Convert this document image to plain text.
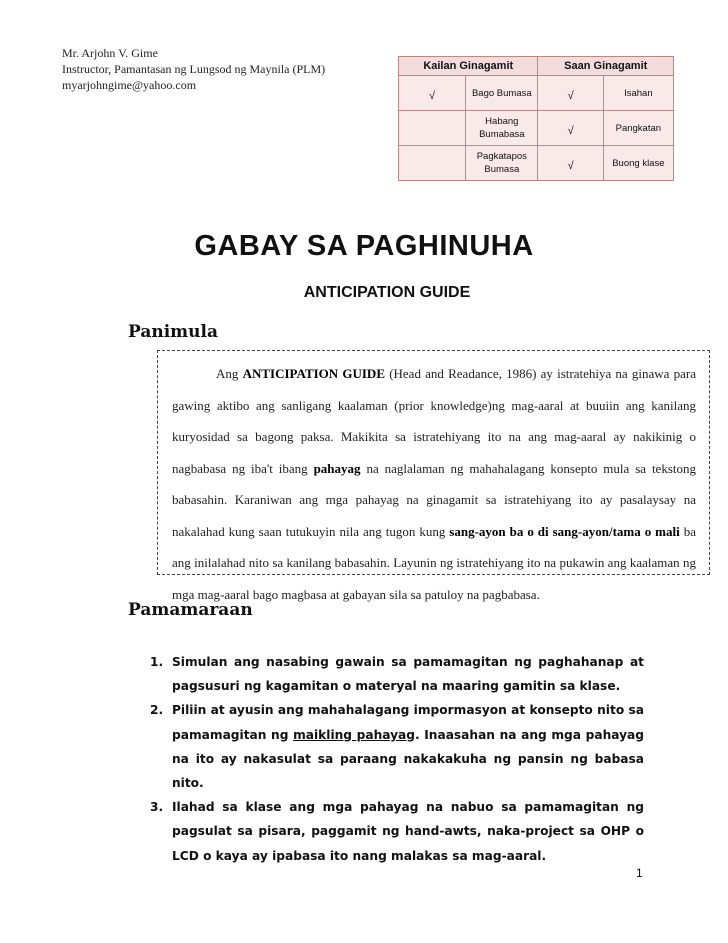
Mr. Arjohn V. Gime
Instructor, Pamantasan ng Lungsod ng Maynila (PLM)
myarjohngime@yahoo.com
Kailan Ginagamit		Saan Ginagamit	
√	Bago Bumasa	√	Isahan
	Habang Bumabasa	√	Pangkatan
	Pagkatapos Bumasa	√	Buong klase
GABAY SA PAGHINUHA
ANTICIPATION GUIDE
Panimula

Ang ANTICIPATION GUIDE (Head and Readance, 1986) ay istratehiya na ginawa para gawing aktibo ang sanligang kaalaman (prior knowledge)ng mag-aaral at buuiin ang kanilang kuryosidad sa bagong paksa. Makikita sa istratehiyang ito na ang mag-aaral ay nakikinig o nagbabasa ng iba't ibang pahayag na naglalaman ng mahahalagang konsepto mula sa tekstong babasahin. Karaniwan ang mga pahayag na ginagamit sa istratehiyang ito ay pasalaysay na nakalahad kung saan tutukuyin nila ang tugon kung sang-ayon ba o di sang-ayon/tama o mali ba ang inilalahad nito sa kanilang babasahin. Layunin ng istratehiyang ito na pukawin ang kaalaman ng mga mag-aaral bago magbasa at gabayan sila sa patuloy na pagbabasa.

Pamamaraan
1. Simulan ang nasabing gawain sa pamamagitan ng paghahanap at pagsusuri ng kagamitan o materyal na maaring gamitin sa klase.
2. Piliin at ayusin ang mahahalagang impormasyon at konsepto nito sa pamamagitan ng maikling pahayag. Inaasahan na ang mga pahayag na ito ay nakasulat sa paraang nakakakuha ng pansin ng babasa nito.
3. Ilahad sa klase ang mga pahayag na nabuo sa pamamagitan ng pagsulat sa pisara, paggamit ng hand-awts, naka-project sa OHP o LCD o kaya ay ipabasa ito nang malakas sa mag-aaral.
1
